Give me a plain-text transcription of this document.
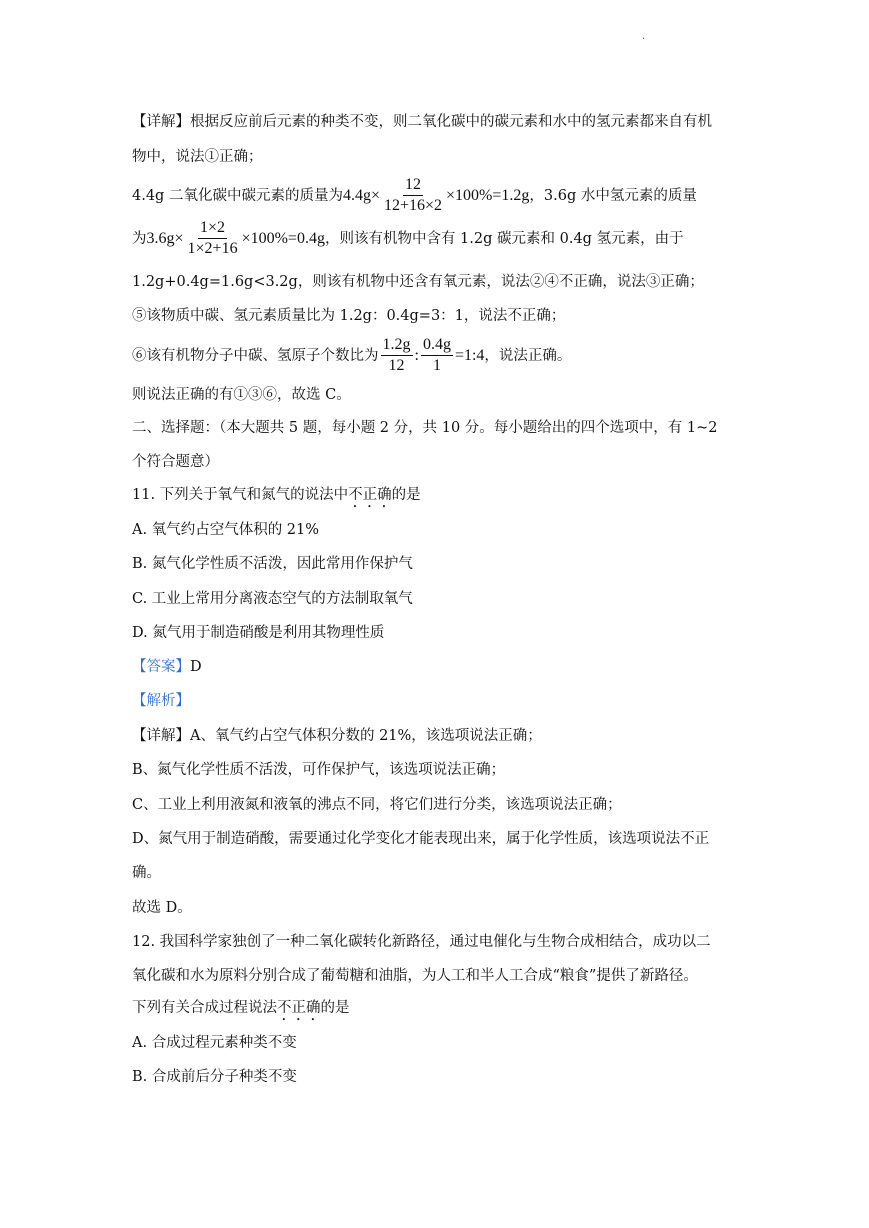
·
【详解】根据反应前后元素的种类不变，则二氧化碳中的碳元素和水中的氢元素都来自有机
物中，说法①正确；
4.4g 二氧化碳中碳元素的质量为 $4.4g\times \frac{12}{12+16\times 2} \times 100\%=1.2g$ ，3.6g 水中氢元素的质量
为 $3.6g\times \frac{1\times 2}{1\times 2+16} \times 100\%=0.4g$ ，则该有机物中含有 1.2g 碳元素和 0.4g 氢元素，由于
1.2g+0.4g=1.6g<3.2g，则该有机物中还含有氧元素，说法②④不正确，说法③正确；
⑤该物质中碳、氢元素质量比为 1.2g：0.4g=3：1，说法不正确；
⑥该有机物分子中碳、氢原子个数比为 $\frac{1.2g}{12}$ : $\frac{0.4g}{1}$ =1:4 ，说法正确。
则说法正确的有①③⑥，故选 C。
二、选择题：（本大题共 5 题，每小题 2 分，共 10 分。每小题给出的四个选项中，有 1~2
个符合题意）
11. 下列关于氧气和氮气的说法中不正确的是
A. 氧气约占空气体积的 21%
B. 氮气化学性质不活泼，因此常用作保护气
C. 工业上常用分离液态空气的方法制取氧气
D. 氮气用于制造硝酸是利用其物理性质
【答案】D
【解析】
【详解】A、氧气约占空气体积分数的 21%，该选项说法正确；
B、氮气化学性质不活泼，可作保护气，该选项说法正确；
C、工业上利用液氮和液氧的沸点不同，将它们进行分类，该选项说法正确；
D、氮气用于制造硝酸，需要通过化学变化才能表现出来，属于化学性质，该选项说法不正
确。
故选 D。
12. 我国科学家独创了一种二氧化碳转化新路径，通过电催化与生物合成相结合，成功以二
氧化碳和水为原料分别合成了葡萄糖和油脂，为人工和半人工合成“粮食”提供了新路径。
下列有关合成过程说法不正确的是
A. 合成过程元素种类不变
B. 合成前后分子种类不变
